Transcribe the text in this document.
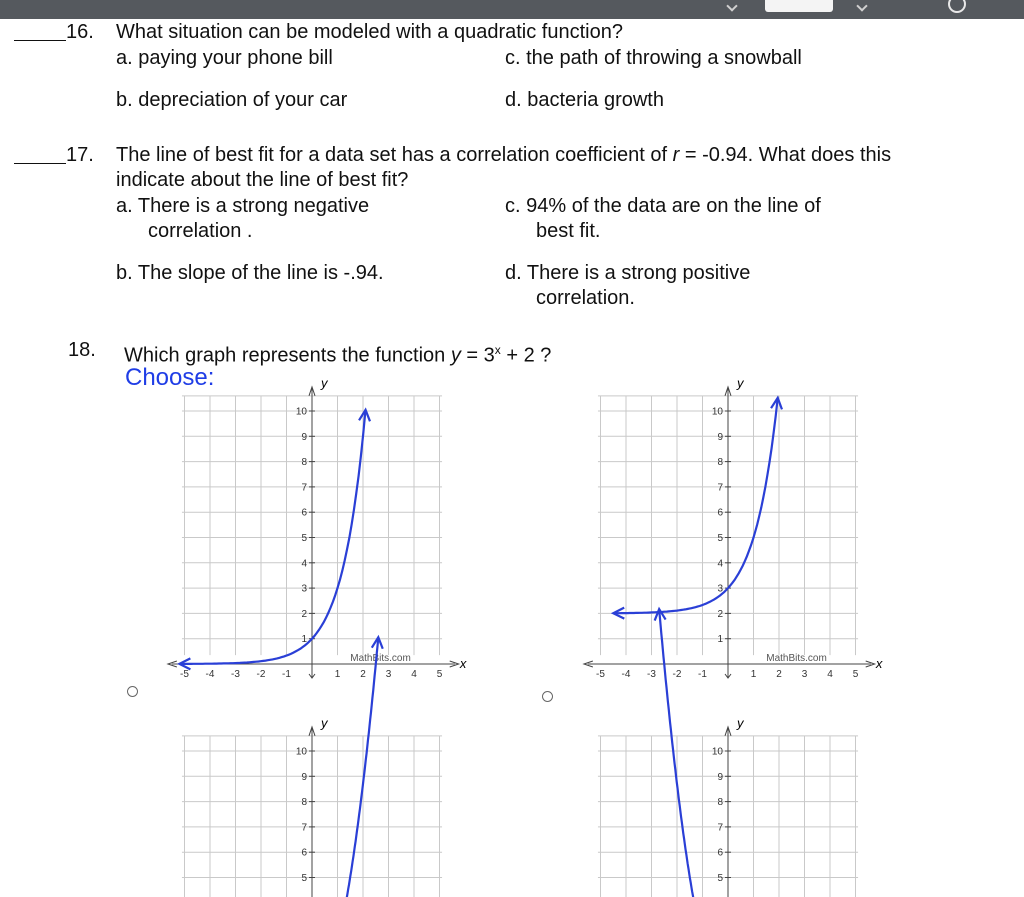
16. What situation can be modeled with a quadratic function?
a. paying your phone bill
b. depreciation of your car
c. the path of throwing a snowball
d. bacteria growth
17. The line of best fit for a data set has a correlation coefficient of r = -0.94. What does this
indicate about the line of best fit?
a. There is a strong negative
correlation .
b. The slope of the line is -.94.
c. 94% of the data are on the line of
best fit.
d. There is a strong positive
correlation.
18. Which graph represents the function $y = 3^x + 2$ ?
Choose:	y
x
1
2
3
4
5
6
7
8
9
10
-5 -4 -3 -2 -1	1 2 3 4 5
MathBits.com
y
x
1
2
3
4
5
6
7
8
9
10
-5 -4 -3 -2 -1	1 2 3 4 5
MathBits.com
y
5
6
7
8
9
10
y
5
6
7
8
9
10
